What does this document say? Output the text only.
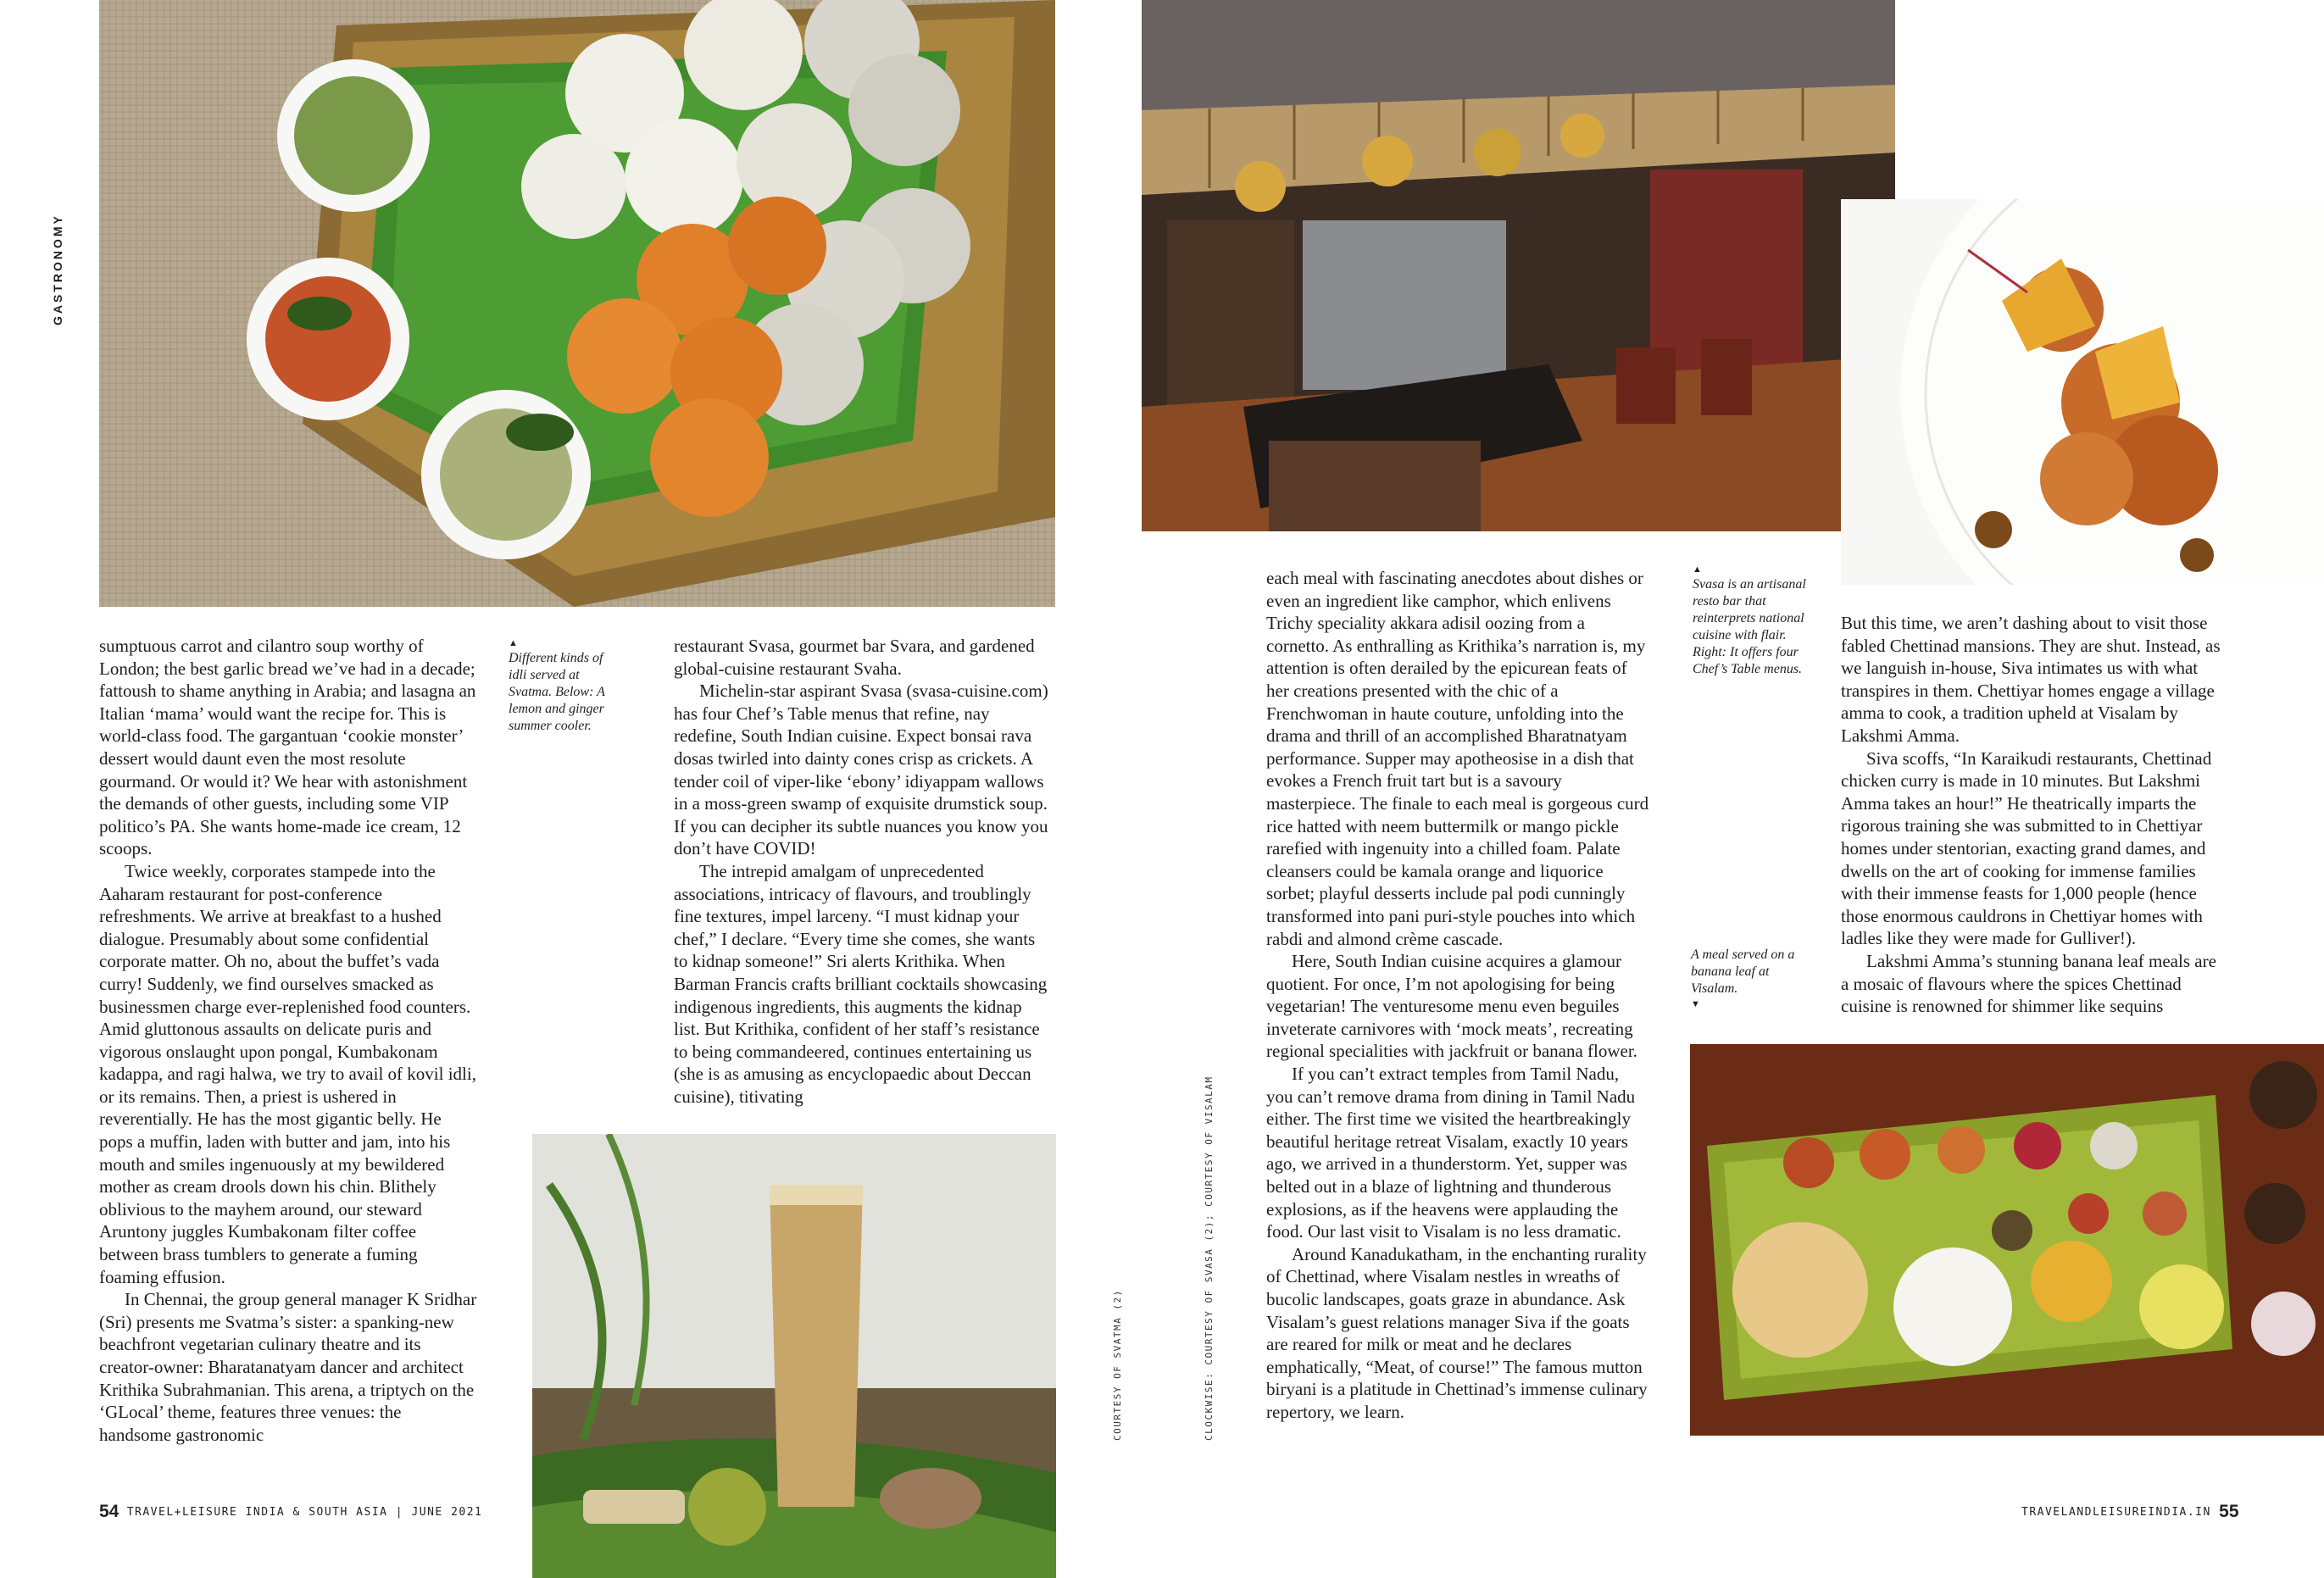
GASTRONOMY

sumptuous carrot and cilantro soup worthy of London; the best garlic bread we’ve had in a decade; fattoush to shame anything in Arabia; and lasagna an Italian ‘mama’ would want the recipe for. This is world-class food. The gargantuan ‘cookie monster’ dessert would daunt even the most resolute gourmand. Or would it? We hear with astonishment the demands of other guests, including some VIP politico’s PA. She wants home-made ice cream, 12 scoops.

Twice weekly, corporates stampede into the Aaharam restaurant for post-conference refreshments. We arrive at breakfast to a hushed dialogue. Presumably about some confidential corporate matter. Oh no, about the buffet’s vada curry! Suddenly, we find ourselves smacked as businessmen charge ever-replenished food counters. Amid gluttonous assaults on delicate puris and vigorous onslaught upon pongal, Kumbakonam kadappa, and ragi halwa, we try to avail of kovil idli, or its remains. Then, a priest is ushered in reverentially. He has the most gigantic belly. He pops a muffin, laden with butter and jam, into his mouth and smiles ingenuously at my bewildered mother as cream drools down his chin. Blithely oblivious to the mayhem around, our steward Aruntony juggles Kumbakonam filter coffee between brass tumblers to generate a fuming foaming effusion.

In Chennai, the group general manager K Sridhar (Sri) presents me Svatma’s sister: a spanking-new beachfront vegetarian culinary theatre and its creator-owner: Bharatanatyam dancer and architect Krithika Subrahmanian. This arena, a triptych on the ‘GLocal’ theme, features three venues: the handsome gastronomic

▲
Different kinds of idli served at Svatma. Below: A lemon and ginger summer cooler.

restaurant Svasa, gourmet bar Svara, and gardened global-cuisine restaurant Svaha.

Michelin-star aspirant Svasa (svasa-cuisine.com) has four Chef’s Table menus that refine, nay redefine, South Indian cuisine. Expect bonsai rava dosas twirled into dainty cones crisp as crickets. A tender coil of viper-like ‘ebony’ idiyappam wallows in a moss-green swamp of exquisite drumstick soup. If you can decipher its subtle nuances you know you don’t have COVID!

The intrepid amalgam of unprecedented associations, intricacy of flavours, and troublingly fine textures, impel larceny. “I must kidnap your chef,” I declare. “Every time she comes, she wants to kidnap someone!” Sri alerts Krithika. When Barman Francis crafts brilliant cocktails showcasing indigenous ingredients, this augments the kidnap list. But Krithika, confident of her staff’s resistance to being commandeered, continues entertaining us (she is as amusing as encyclopaedic about Deccan cuisine), titivating

COURTESY OF SVATMA (2)
54 TRAVEL+LEISURE INDIA & SOUTH ASIA | JUNE 2021
CLOCKWISE: COURTESY OF SVASA (2); COURTESY OF VISALAM

each meal with fascinating anecdotes about dishes or even an ingredient like camphor, which enlivens Trichy speciality akkara adisil oozing from a cornetto. As enthralling as Krithika’s narration is, my attention is often derailed by the epicurean feats of her creations presented with the chic of a Frenchwoman in haute couture, unfolding into the drama and thrill of an accomplished Bharatnatyam performance. Supper may apotheosise in a dish that evokes a French fruit tart but is a savoury masterpiece. The finale to each meal is gorgeous curd rice hatted with neem buttermilk or mango pickle rarefied with ingenuity into a chilled foam. Palate cleansers could be kamala orange and liquorice sorbet; playful desserts include pal podi cunningly transformed into pani puri-style pouches into which rabdi and almond crème cascade.

Here, South Indian cuisine acquires a glamour quotient. For once, I’m not apologising for being vegetarian! The venturesome menu even beguiles inveterate carnivores with ‘mock meats’, recreating regional specialities with jackfruit or banana flower.

If you can’t extract temples from Tamil Nadu, you can’t remove drama from dining in Tamil Nadu either. The first time we visited the heartbreakingly beautiful heritage retreat Visalam, exactly 10 years ago, we arrived in a thunderstorm. Yet, supper was belted out in a blaze of lightning and thunderous explosions, as if the heavens were applauding the food. Our last visit to Visalam is no less dramatic.

Around Kanadukatham, in the enchanting rurality of Chettinad, where Visalam nestles in wreaths of bucolic landscapes, goats graze in abundance. Ask Visalam’s guest relations manager Siva if the goats are reared for milk or meat and he declares emphatically, “Meat, of course!” The famous mutton biryani is a platitude in Chettinad’s immense culinary repertory, we learn.

▲
Svasa is an artisanal resto bar that reinterprets national cuisine with flair. Right: It offers four Chef’s Table menus.
A meal served on a banana leaf at Visalam.
▼

But this time, we aren’t dashing about to visit those fabled Chettinad mansions. They are shut. Instead, as we languish in-house, Siva intimates us with what transpires in them. Chettiyar homes engage a village amma to cook, a tradition upheld at Visalam by Lakshmi Amma.

Siva scoffs, “In Karaikudi restaurants, Chettinad chicken curry is made in 10 minutes. But Lakshmi Amma takes an hour!” He theatrically imparts the rigorous training she was submitted to in Chettiyar homes under stentorian, exacting grand dames, and dwells on the art of cooking for immense families with their immense feasts for 1,000 people (hence those enormous cauldrons in Chettiyar homes with ladles like they were made for Gulliver!).

Lakshmi Amma’s stunning banana leaf meals are a mosaic of flavours where the spices Chettinad cuisine is renowned for shimmer like sequins

TRAVELANDLEISUREINDIA.IN 55
